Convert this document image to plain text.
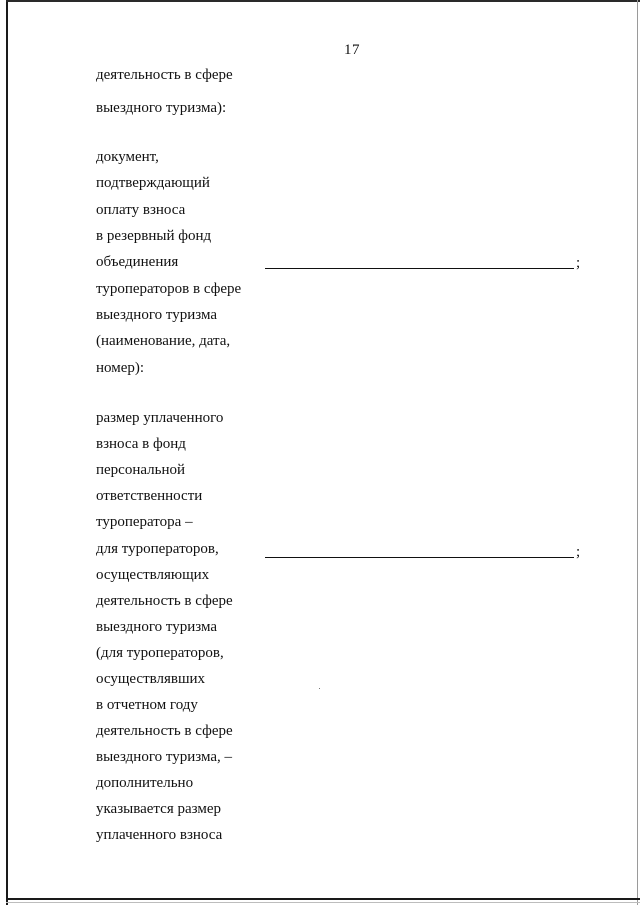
17
деятельность в сфере
выездного туризма):
документ,
подтверждающий
оплату взноса
в резервный фонд
объединения
туроператоров в сфере
выездного туризма
(наименование, дата,
номер):
;
размер уплаченного
взноса в фонд
персональной
ответственности
туроператора –
для туроператоров,
осуществляющих
деятельность в сфере
выездного туризма
(для туроператоров,
осуществлявших
в отчетном году
деятельность в сфере
выездного туризма, –
дополнительно
указывается размер
уплаченного взноса
;
